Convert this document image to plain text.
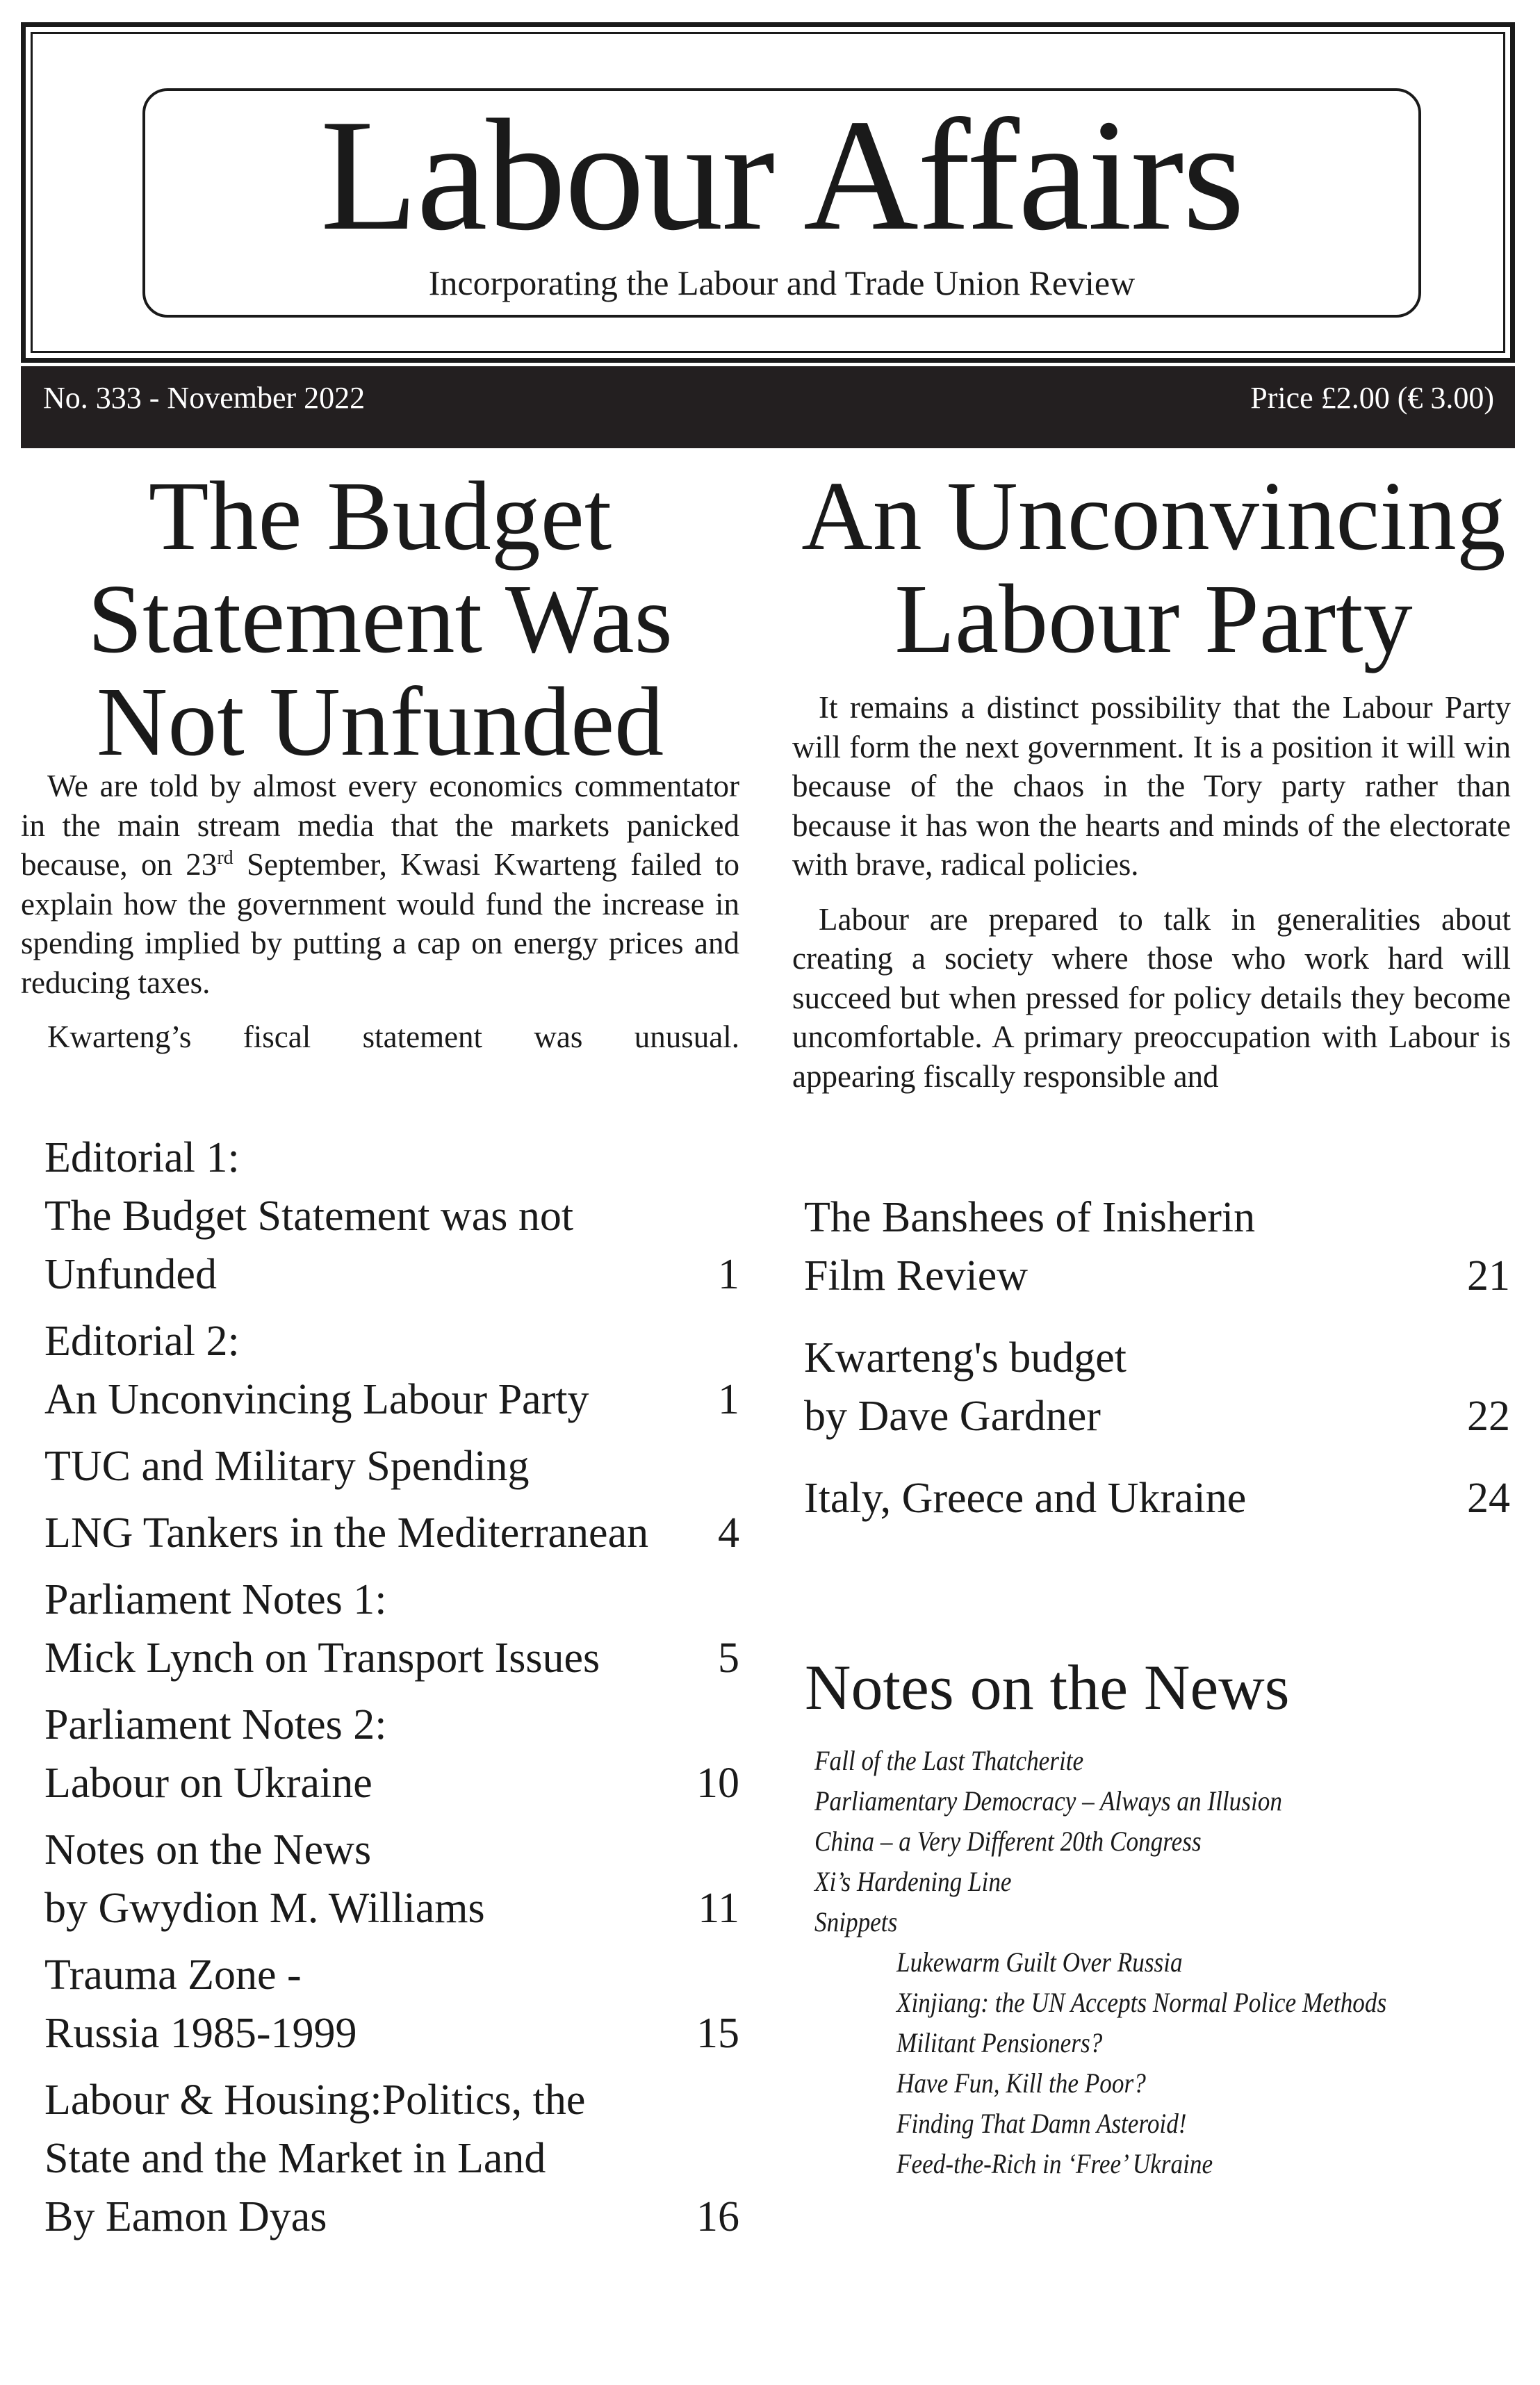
Labour Affairs
Incorporating the Labour and Trade Union Review
No. 333 - November 2022	Price £2.00 (€ 3.00)
The Budget
Statement Was
Not Unfunded

We are told by almost every economics commentator in the main stream media that the markets panicked because, on 23rd September, Kwasi Kwarteng failed to explain how the government would fund the increase in spending implied by putting a cap on energy prices and reducing taxes.

Kwarteng’s fiscal statement was unusual.

An Unconvincing
Labour Party

It remains a distinct possibility that the Labour Party will form the next government. It is a position it will win because of the chaos in the Tory party rather than because it has won the hearts and minds of the electorate with brave, radical policies.

Labour are prepared to talk in generalities about creating a society where those who work hard will succeed but when pressed for policy details they become uncomfortable. A primary preoccupation with Labour is appearing fiscally responsible and

Editorial 1:
The Budget Statement was not
Unfunded	1
Editorial 2:
An Unconvincing Labour Party	1
TUC and Military Spending
LNG Tankers in the Mediterranean	4
Parliament Notes 1:
Mick Lynch on Transport Issues	5
Parliament Notes 2:
Labour on Ukraine	10
Notes on the News
by Gwydion M. Williams	11
Trauma Zone -
Russia 1985-1999	15
Labour & Housing:Politics, the
State and the Market in Land
By Eamon Dyas	16
The Banshees of Inisherin
Film Review	21
Kwarteng's budget
by Dave Gardner	22
Italy, Greece and Ukraine	24
Notes on the News
Fall of the Last Thatcherite
Parliamentary Democracy – Always an Illusion
China – a Very Different 20th Congress
Xi’s Hardening Line
Snippets
Lukewarm Guilt Over Russia
Xinjiang: the UN Accepts Normal Police Methods
Militant Pensioners?
Have Fun, Kill the Poor?
Finding That Damn Asteroid!
Feed-the-Rich in ‘Free’ Ukraine
